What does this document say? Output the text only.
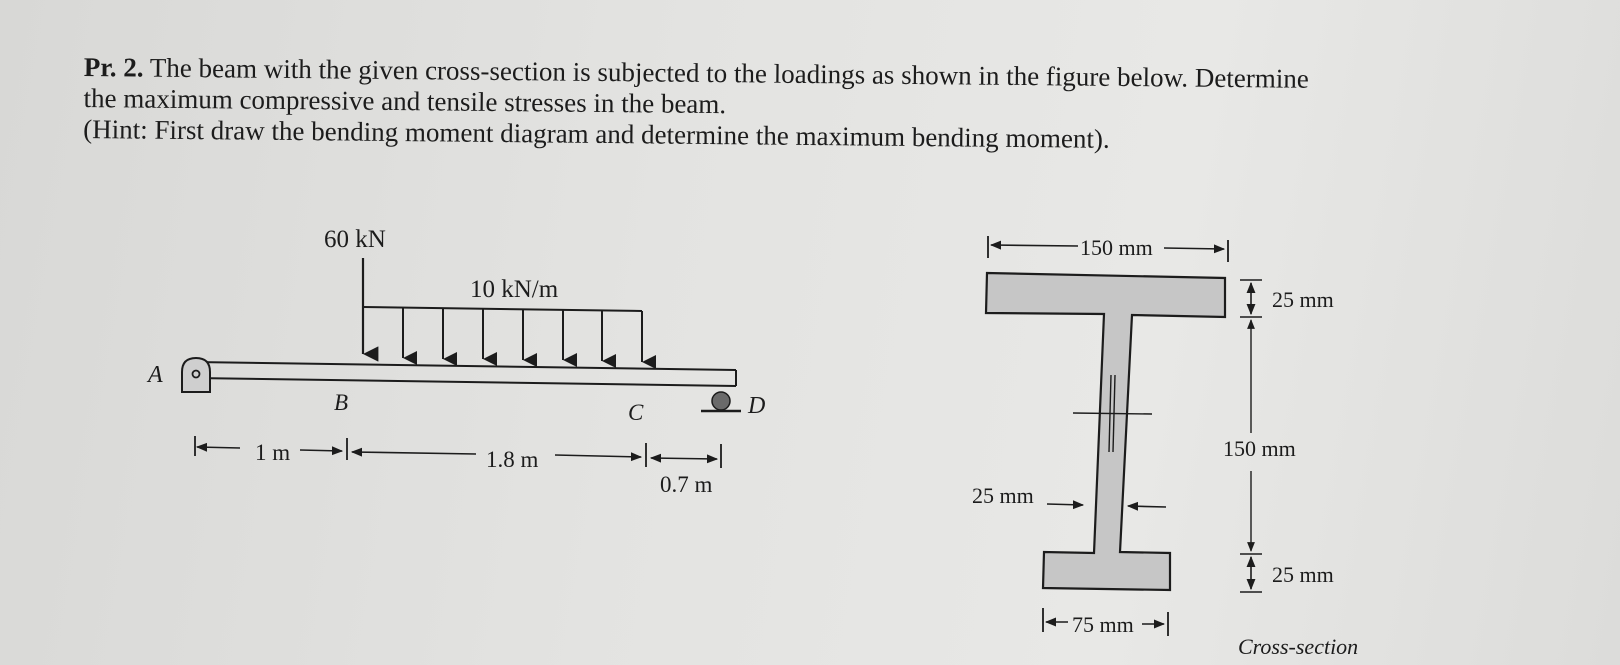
Pr. 2. The beam with the given cross-section is subjected to the loadings as shown in the figure below. Determine

the maximum compressive and tensile stresses in the beam.

(Hint: First draw the bending moment diagram and determine the maximum bending moment).

A
D
B	C
60 kN
10 kN/m
1 m	1.8 m
0.7 m
150 mm
25 mm
150 mm
25 mm
25 mm
75 mm
Cross-section
